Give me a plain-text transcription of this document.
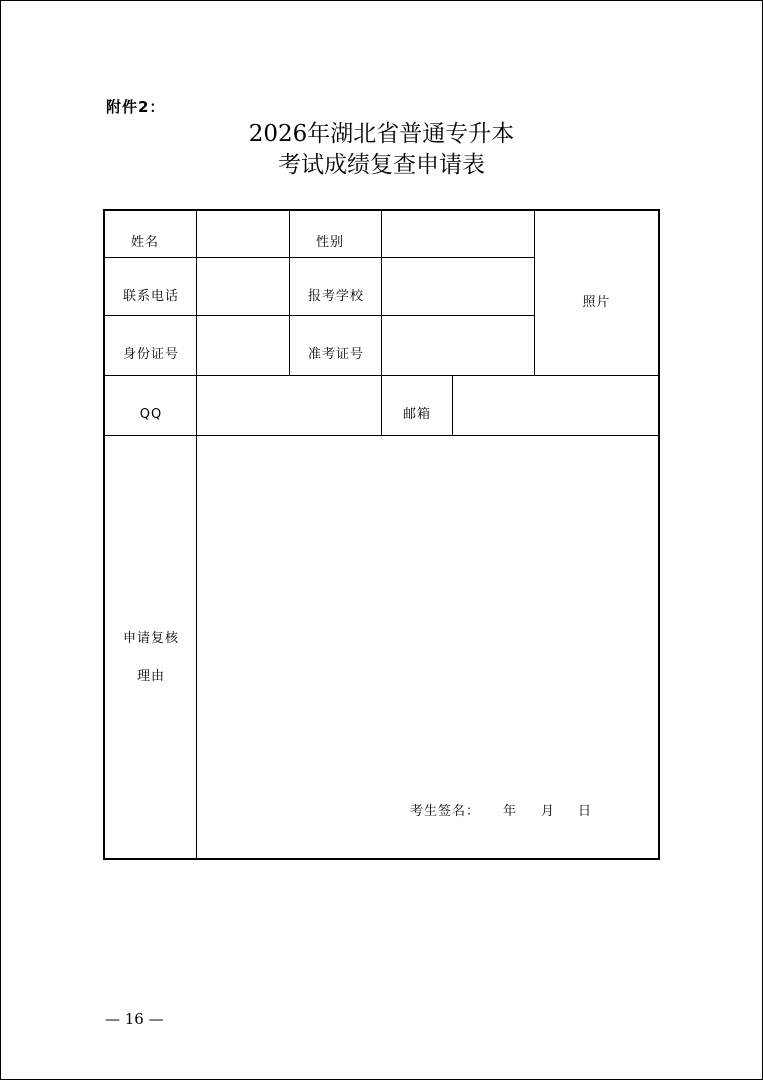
附件2：
2026年湖北省普通专升本
考试成绩复查申请表
姓名	性别
照片
联系电话	报考学校
身份证号	准考证号
QQ	邮箱
申请复核
理由
考生签名： 年 月 日
— 16 —
